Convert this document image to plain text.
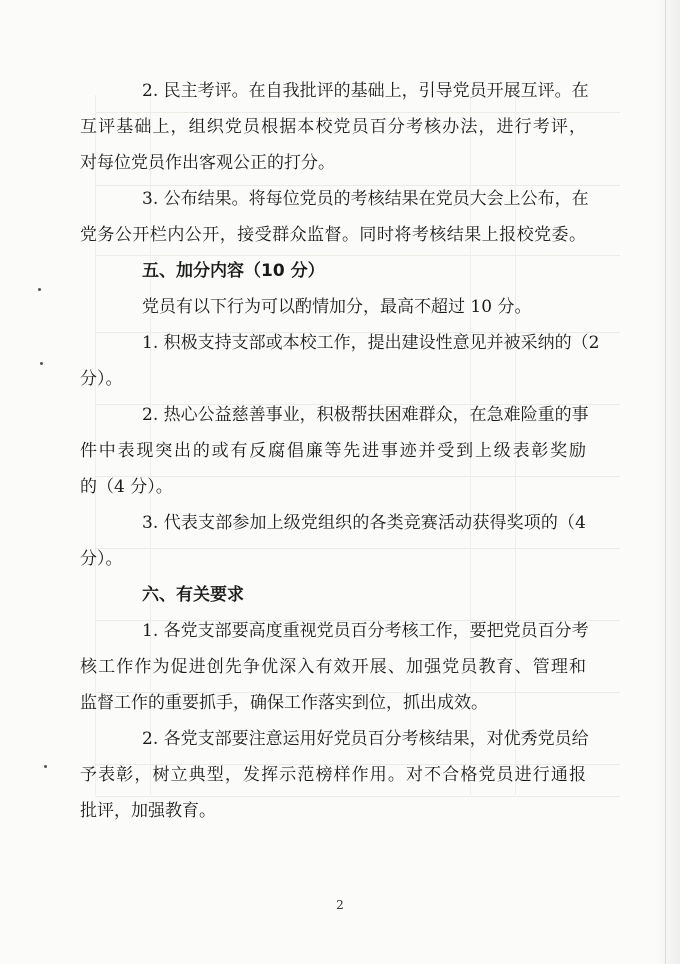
2. 民主考评。在自我批评的基础上，引导党员开展互评。在
互评基础上，组织党员根据本校党员百分考核办法，进行考评，
对每位党员作出客观公正的打分。
3. 公布结果。将每位党员的考核结果在党员大会上公布，在
党务公开栏内公开，接受群众监督。同时将考核结果上报校党委。
五、加分内容（10 分）
党员有以下行为可以酌情加分，最高不超过 10 分。
1. 积极支持支部或本校工作，提出建设性意见并被采纳的（2
分）。
2. 热心公益慈善事业，积极帮扶困难群众，在急难险重的事
件中表现突出的或有反腐倡廉等先进事迹并受到上级表彰奖励
的（4 分）。
3. 代表支部参加上级党组织的各类竞赛活动获得奖项的（4
分）。
六、有关要求
1. 各党支部要高度重视党员百分考核工作，要把党员百分考
核工作作为促进创先争优深入有效开展、加强党员教育、管理和
监督工作的重要抓手，确保工作落实到位，抓出成效。
2. 各党支部要注意运用好党员百分考核结果，对优秀党员给
予表彰，树立典型，发挥示范榜样作用。对不合格党员进行通报
批评，加强教育。
2
